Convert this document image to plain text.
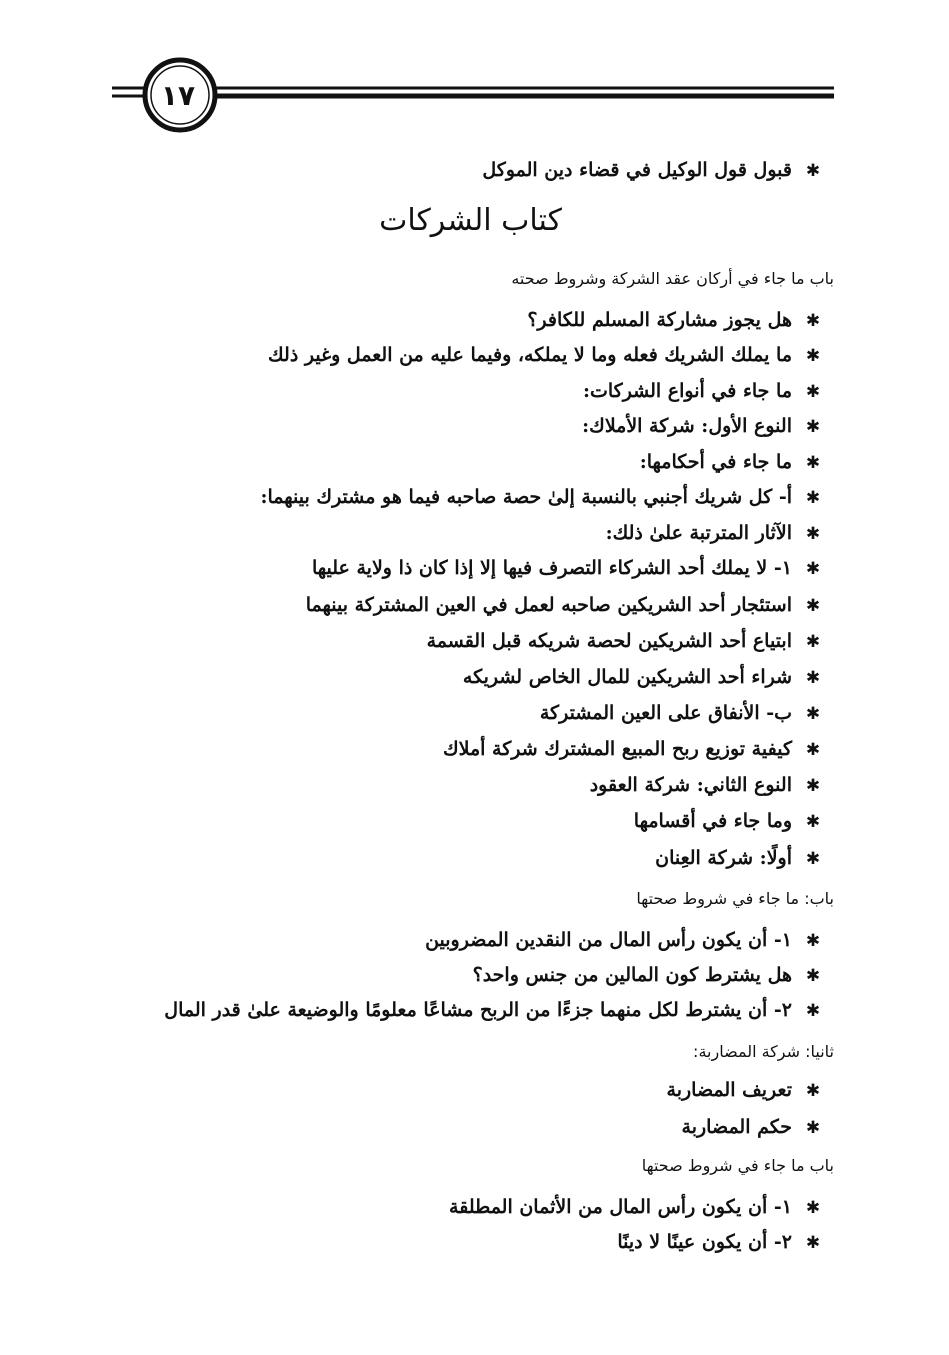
١٧
كتاب الشركات
✱قبول قول الوكيل في قضاء دين الموكل
باب ما جاء في أركان عقد الشركة وشروط صحته
✱هل يجوز مشاركة المسلم للكافر؟
✱ما يملك الشريك فعله وما لا يملكه، وفيما عليه من العمل وغير ذلك
✱ما جاء في أنواع الشركات:
✱النوع الأول: شركة الأملاك:
✱ما جاء في أحكامها:
✱أ- كل شريك أجنبي بالنسبة إلىٰ حصة صاحبه فيما هو مشترك بينهما:
✱الآثار المترتبة علىٰ ذلك:
✱١- لا يملك أحد الشركاء التصرف فيها إلا إذا كان ذا ولاية عليها
✱استئجار أحد الشريكين صاحبه لعمل في العين المشتركة بينهما
✱ابتياع أحد الشريكين لحصة شريكه قبل القسمة
✱شراء أحد الشريكين للمال الخاص لشريكه
✱ب- الأنفاق على العين المشتركة
✱كيفية توزيع ربح المبيع المشترك شركة أملاك
✱النوع الثاني: شركة العقود
✱وما جاء في أقسامها
✱أولًا: شركة العِنان
باب: ما جاء في شروط صحتها
✱١- أن يكون رأس المال من النقدين المضروبين
✱هل يشترط كون المالين من جنس واحد؟
✱٢- أن يشترط لكل منهما جزءًا من الربح مشاعًا معلومًا والوضيعة علىٰ قدر المال
ثانيا: شركة المضاربة:
✱تعريف المضاربة
✱حكم المضاربة
باب ما جاء في شروط صحتها
✱١- أن يكون رأس المال من الأثمان المطلقة
✱٢- أن يكون عينًا لا دينًا
